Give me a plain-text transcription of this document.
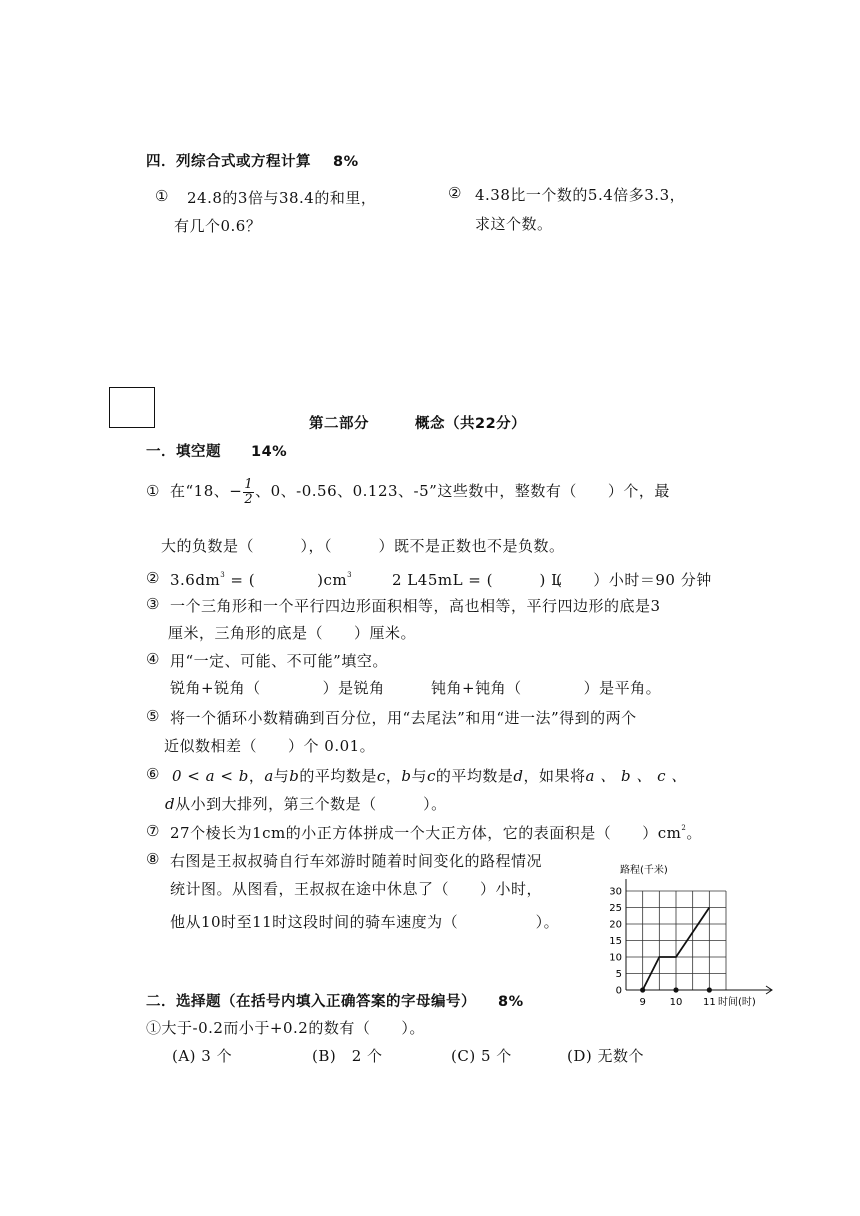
四．列综合式或方程计算 8%
① 24.8的3倍与38.4的和里，
有几个0.6？
② 4.38比一个数的5.4倍多3.3，
求这个数。
第二部分	概念（共22分）
一．填空题 14%
① 在“18、− $\frac{1}{2}$ 、0、-0.56、0.123、-5”这些数中，整数有（　　）个，最
大的负数是（　　　），（　　　）既不是正数也不是负数。
② $3.6dm^3$ = (　　　　)$cm^3$	2 L45mL = (　　　) L
(　　）小时＝90 分钟
③ 一个三角形和一个平行四边形面积相等，高也相等，平行四边形的底是3
厘米，三角形的底是（　　）厘米。
④ 用“一定、可能、不可能”填空。
锐角+锐角（　　　　）是锐角	钝角+钝角（　　　　）是平角。
⑤ 将一个循环小数精确到百分位，用“去尾法”和用“进一法”得到的两个
近似数相差（　　）个 0.01。
⑥ 0 < a < b，a与b的平均数是c，b与c的平均数是d，如果将a 、 b 、 c 、
d从小到大排列，第三个数是（　　　）。
⑦ 27个棱长为1cm的小正方体拼成一个大正方体，它的表面积是（　　）$cm^2$。
⑧ 右图是王叔叔骑自行车郊游时随着时间变化的路程情况
统计图。从图看，王叔叔在途中休息了（　　）小时，
他从10时至11时这段时间的骑车速度为（　　　　　）。
路程(千米)
时间(时)
0
5
10
15
20
25
30
9 10 11
二．选择题（在括号内填入正确答案的字母编号） 8%
①大于-0.2而小于+0.2的数有（　　）。
(A) 3 个	(B)　2 个	(C) 5 个	(D) 无数个
